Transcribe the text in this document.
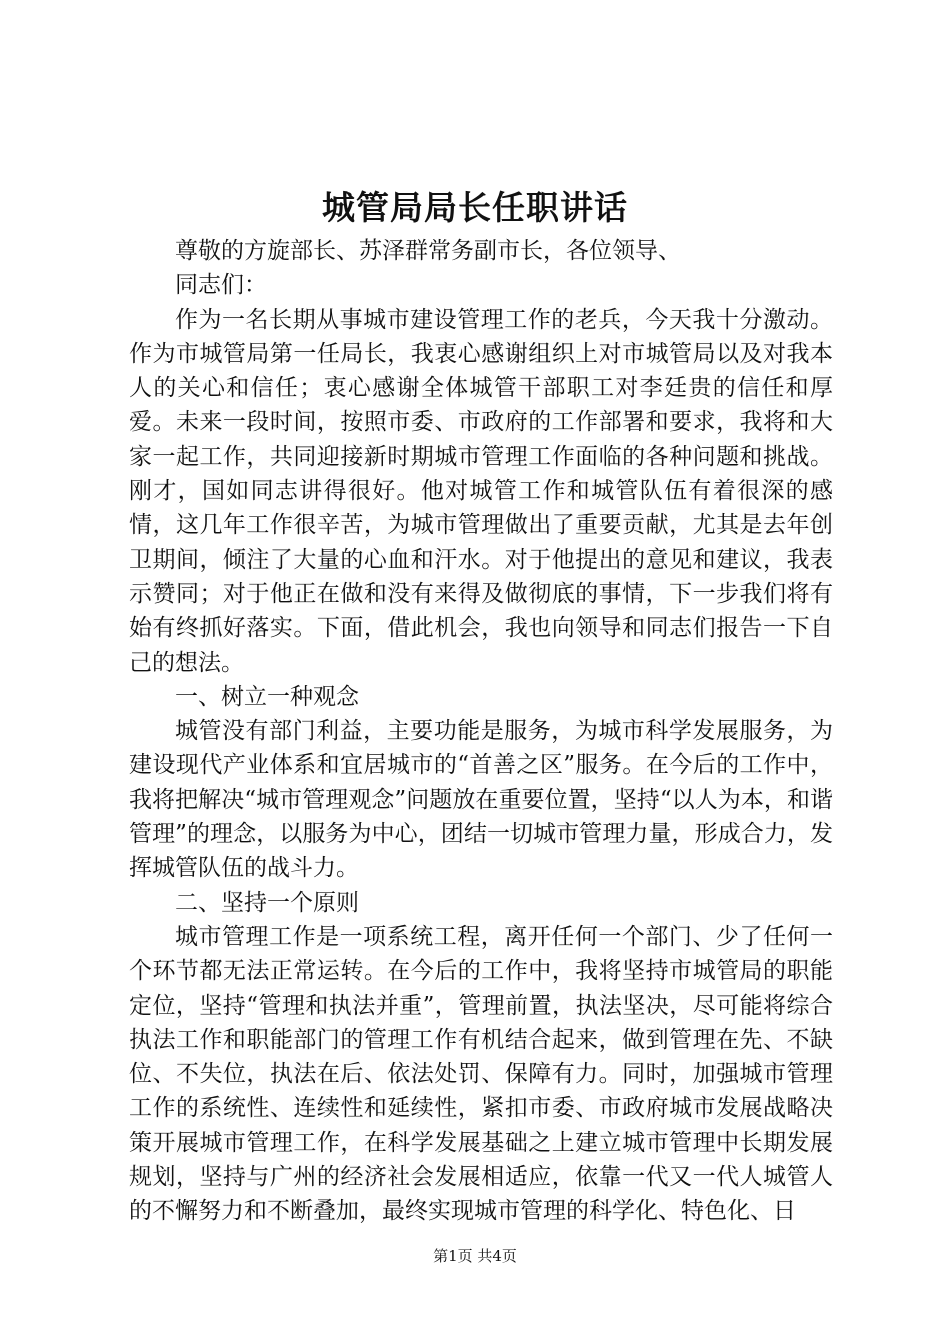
城管局局长任职讲话

尊敬的方旋部长、苏泽群常务副市长，各位领导、

同志们：

作为一名长期从事城市建设管理工作的老兵，今天我十分激动。作为市城管局第一任局长，我衷心感谢组织上对市城管局以及对我本人的关心和信任；衷心感谢全体城管干部职工对李廷贵的信任和厚爱。未来一段时间，按照市委、市政府的工作部署和要求，我将和大家一起工作，共同迎接新时期城市管理工作面临的各种问题和挑战。刚才，国如同志讲得很好。他对城管工作和城管队伍有着很深的感情，这几年工作很辛苦，为城市管理做出了重要贡献，尤其是去年创卫期间，倾注了大量的心血和汗水。对于他提出的意见和建议，我表示赞同；对于他正在做和没有来得及做彻底的事情，下一步我们将有始有终抓好落实。下面，借此机会，我也向领导和同志们报告一下自己的想法。

一、树立一种观念

城管没有部门利益，主要功能是服务，为城市科学发展服务，为建设现代产业体系和宜居城市的“首善之区”服务。在今后的工作中，我将把解决“城市管理观念”问题放在重要位置，坚持“以人为本，和谐管理”的理念，以服务为中心，团结一切城市管理力量，形成合力，发挥城管队伍的战斗力。

二、坚持一个原则

城市管理工作是一项系统工程，离开任何一个部门、少了任何一个环节都无法正常运转。在今后的工作中，我将坚持市城管局的职能定位，坚持“管理和执法并重”，管理前置，执法坚决，尽可能将综合执法工作和职能部门的管理工作有机结合起来，做到管理在先、不缺位、不失位，执法在后、依法处罚、保障有力。同时，加强城市管理工作的系统性、连续性和延续性，紧扣市委、市政府城市发展战略决策开展城市管理工作，在科学发展基础之上建立城市管理中长期发展规划，坚持与广州的经济社会发展相适应，依靠一代又一代人城管人的不懈努力和不断叠加，最终实现城市管理的科学化、特色化、日

第1页 共4页
